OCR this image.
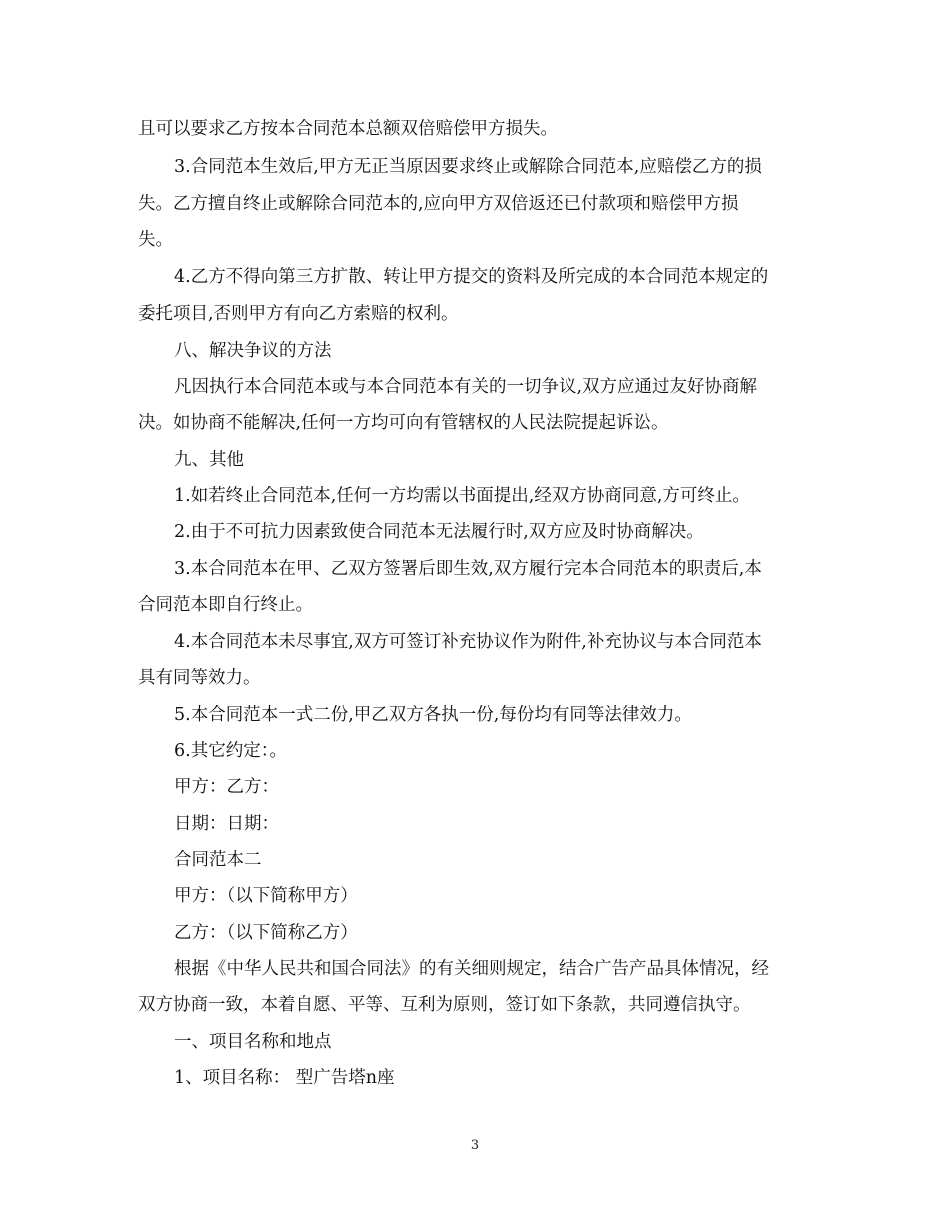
且可以要求乙方按本合同范本总额双倍赔偿甲方损失。
3.合同范本生效后,甲方无正当原因要求终止或解除合同范本,应赔偿乙方的损
失。乙方擅自终止或解除合同范本的,应向甲方双倍返还已付款项和赔偿甲方损
失。
4.乙方不得向第三方扩散、转让甲方提交的资料及所完成的本合同范本规定的
委托项目,否则甲方有向乙方索赔的权利。
八、解决争议的方法
凡因执行本合同范本或与本合同范本有关的一切争议,双方应通过友好协商解
决。如协商不能解决,任何一方均可向有管辖权的人民法院提起诉讼。
九、其他
1.如若终止合同范本,任何一方均需以书面提出,经双方协商同意,方可终止。
2.由于不可抗力因素致使合同范本无法履行时,双方应及时协商解决。
3.本合同范本在甲、乙双方签署后即生效,双方履行完本合同范本的职责后,本
合同范本即自行终止。
4.本合同范本未尽事宜,双方可签订补充协议作为附件,补充协议与本合同范本
具有同等效力。
5.本合同范本一式二份,甲乙双方各执一份,每份均有同等法律效力。
6.其它约定：。
甲方：乙方：
日期：日期：
合同范本二
甲方：（以下简称甲方）
乙方：（以下简称乙方）
根据《中华人民共和国合同法》的有关细则规定，结合广告产品具体情况，经
双方协商一致，本着自愿、平等、互利为原则，签订如下条款，共同遵信执守。
一、项目名称和地点
1、项目名称： 型广告塔n座
3
